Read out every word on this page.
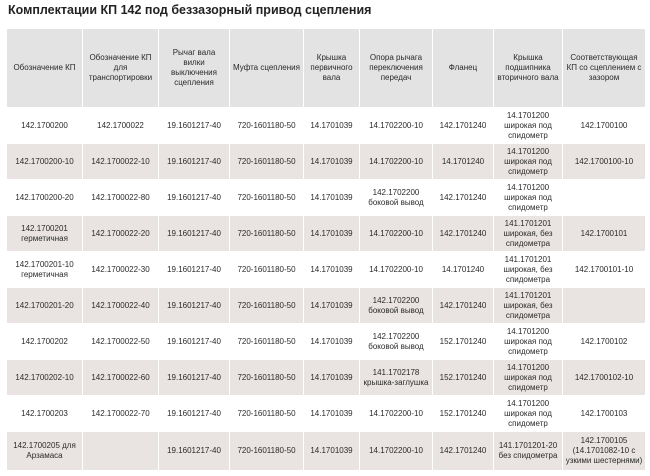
Комплектации КП 142 под беззазорный привод сцепления
Обозначение КП	Обозначение КП для транспортировки	Рычаг вала вилки выключения сцепления	Муфта сцепления	Крышка первичного вала	Опора рычага переключения передач	Фланец	Крышка подшипника вторичного вала	Соответствующая КП со сцеплением с зазором
142.1700200	142.1700022	19.1601217-40	720-1601180-50	14.1701039	14.1702200-10	142.1701240	14.1701200 широкая под спидометр	142.1700100
142.1700200-10	142.1700022-10	19.1601217-40	720-1601180-50	14.1701039	14.1702200-10	14.1701240	14.1701200 широкая под спидометр	142.1700100-10
142.1700200-20	142.1700022-80	19.1601217-40	720-1601180-50	14.1701039	142.1702200 боковой вывод	142.1701240	14.1701200 широкая под спидометр	
142.1700201 герметичная	142.1700022-20	19.1601217-40	720-1601180-50	14.1701039	14.1702200-10	142.1701240	141.1701201 широкая, без спидометра	142.1700101
142.1700201-10 герметичная	142.1700022-30	19.1601217-40	720-1601180-50	14.1701039	14.1702200-10	14.1701240	141.1701201 широкая, без спидометра	142.1700101-10
142.1700201-20	142.1700022-40	19.1601217-40	720-1601180-50	14.1701039	142.1702200 боковой вывод	142.1701240	141.1701201 широкая, без спидометра	
142.1700202	142.1700022-50	19.1601217-40	720-1601180-50	14.1701039	142.1702200 боковой вывод	152.1701240	14.1701200 широкая под спидометр	142.1700102
142.1700202-10	142.1700022-60	19.1601217-40	720-1601180-50	14.1701039	141.1702178 крышка-заглушка	152.1701240	14.1701200 широкая под спидометр	142.1700102-10
142.1700203	142.1700022-70	19.1601217-40	720-1601180-50	14.1701039	14.1702200-10	152.1701240	14.1701200 широкая под спидометр	142.1700103
142.1700205 для Арзамаса		19.1601217-40	720-1601180-50	14.1701039	14.1702200-10	142.1701240	141.1701201-20 без спидометра	142.1700105 (14.1701082-10 с узкими шестернями)
